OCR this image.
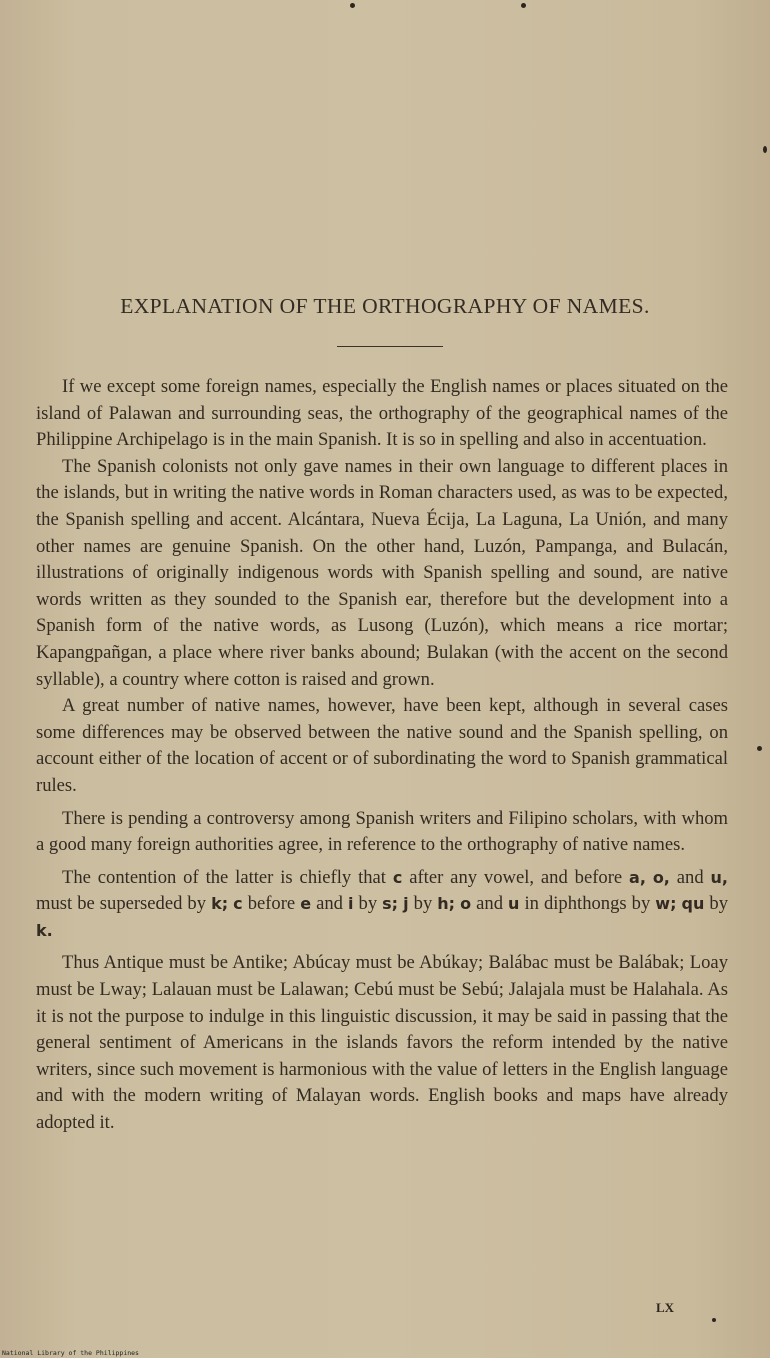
EXPLANATION OF THE ORTHOGRAPHY OF NAMES.

If we except some foreign names, especially the English names or places situated on the island of Palawan and surrounding seas, the orthography of the geographical names of the Philippine Archipelago is in the main Spanish. It is so in spelling and also in accentuation.

The Spanish colonists not only gave names in their own language to different places in the islands, but in writing the native words in Roman characters used, as was to be expected, the Spanish spelling and accent. Alcántara, Nueva Écija, La Laguna, La Unión, and many other names are genuine Spanish. On the other hand, Luzón, Pampanga, and Bulacán, illustrations of originally indigenous words with Spanish spelling and sound, are native words written as they sounded to the Spanish ear, therefore but the development into a Spanish form of the native words, as Lusong (Luzón), which means a rice mortar; Kapangpañgan, a place where river banks abound; Bulakan (with the accent on the second syllable), a country where cotton is raised and grown.

A great number of native names, however, have been kept, although in several cases some differences may be observed between the native sound and the Spanish spelling, on account either of the location of accent or of subordinating the word to Spanish grammatical rules.

There is pending a controversy among Spanish writers and Filipino scholars, with whom a good many foreign authorities agree, in reference to the orthography of native names.

The contention of the latter is chiefly that c after any vowel, and before a, o, and u, must be superseded by k; c before e and i by s; j by h; o and u in diphthongs by w; qu by k.

Thus Antique must be Antike; Abúcay must be Abúkay; Balábac must be Balábak; Loay must be Lway; Lalauan must be Lalawan; Cebú must be Sebú; Jalajala must be Halahala. As it is not the purpose to indulge in this linguistic discussion, it may be said in passing that the general sentiment of Americans in the islands favors the reform intended by the native writers, since such movement is harmonious with the value of letters in the English language and with the modern writing of Malayan words. English books and maps have already adopted it.

LX
National Library of the Philippines
